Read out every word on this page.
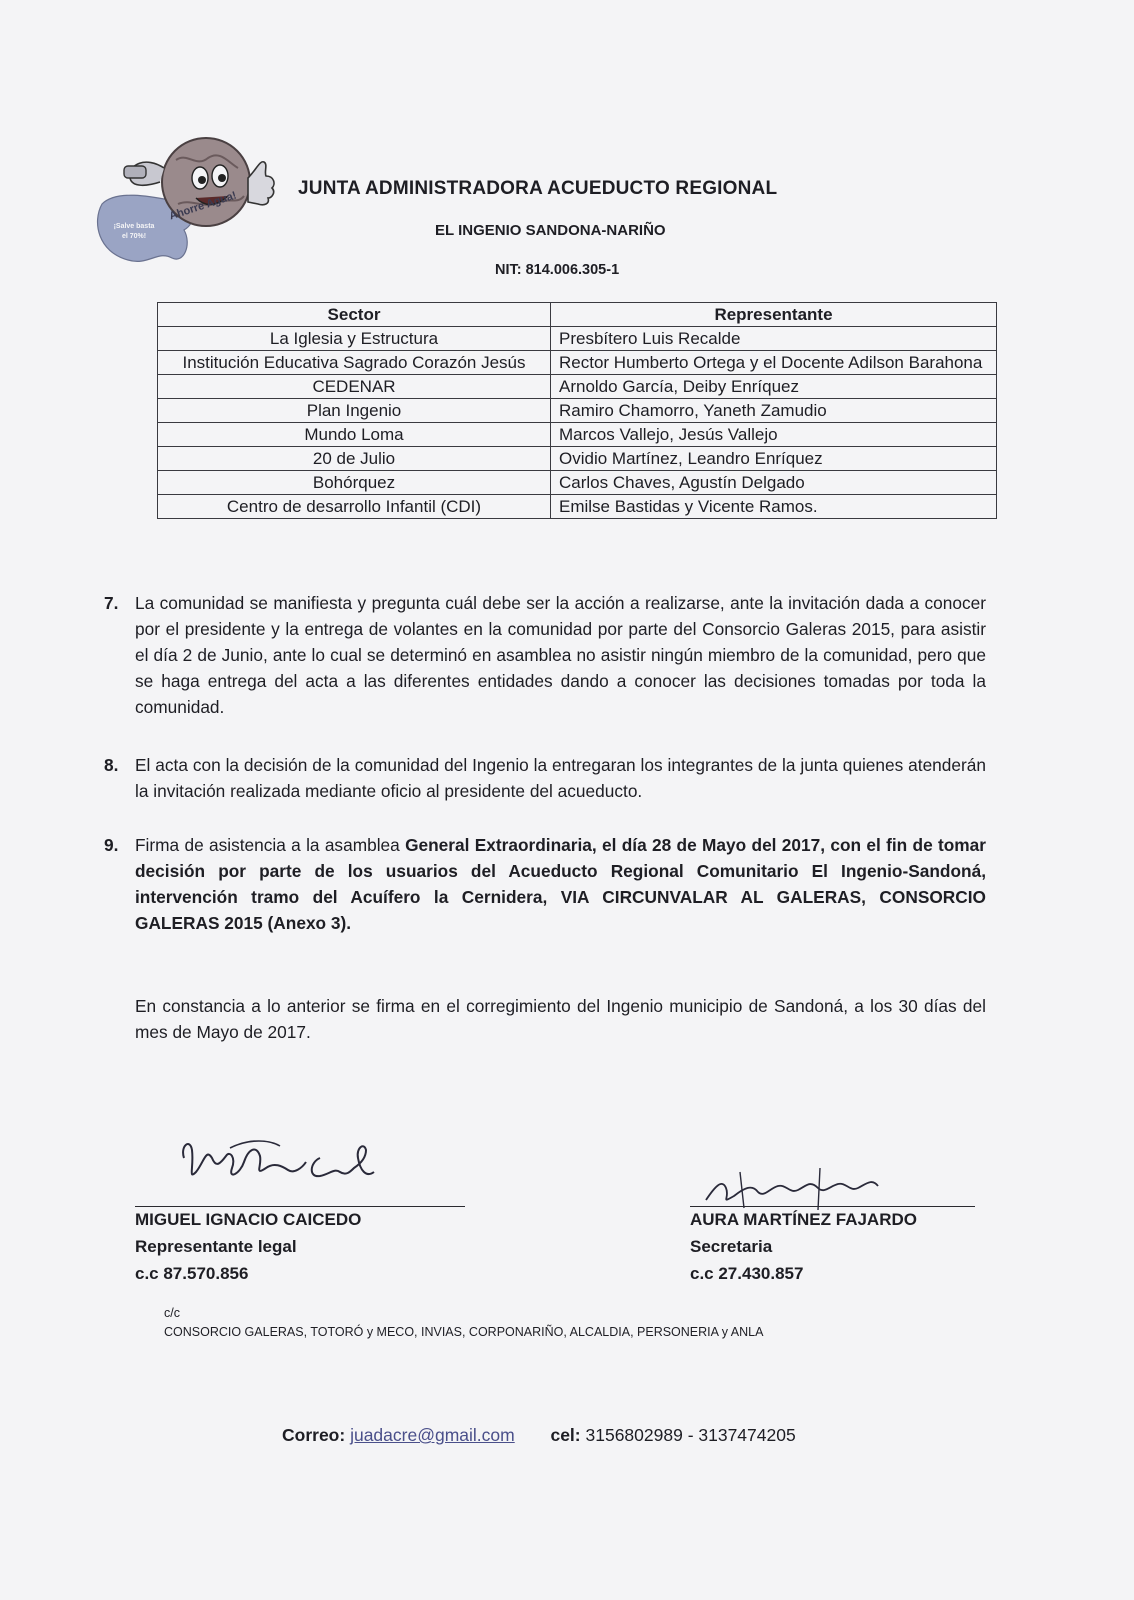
Ahorre Agua!
¡Salve basta el 70%!
JUNTA ADMINISTRADORA ACUEDUCTO REGIONAL
EL INGENIO SANDONA-NARIÑO
NIT: 814.006.305-1
Sector	Representante
La Iglesia y Estructura	Presbítero Luis Recalde
Institución Educativa Sagrado Corazón Jesús	Rector Humberto Ortega y el Docente Adilson Barahona
CEDENAR	Arnoldo García, Deiby Enríquez
Plan Ingenio	Ramiro Chamorro, Yaneth Zamudio
Mundo Loma	Marcos Vallejo, Jesús Vallejo
20 de Julio	Ovidio Martínez, Leandro Enríquez
Bohórquez	Carlos Chaves, Agustín Delgado
Centro de desarrollo Infantil (CDI)	Emilse Bastidas y Vicente Ramos.
7. La comunidad se manifiesta y pregunta cuál debe ser la acción a realizarse, ante la invitación dada a conocer por el presidente y la entrega de volantes en la comunidad por parte del Consorcio Galeras 2015, para asistir el día 2 de Junio, ante lo cual se determinó en asamblea no asistir ningún miembro de la comunidad, pero que se haga entrega del acta a las diferentes entidades dando a conocer las decisiones tomadas por toda la comunidad.
8. El acta con la decisión de la comunidad del Ingenio la entregaran los integrantes de la junta quienes atenderán la invitación realizada mediante oficio al presidente del acueducto.
9. Firma de asistencia a la asamblea General Extraordinaria, el día 28 de Mayo del 2017, con el fin de tomar decisión por parte de los usuarios del Acueducto Regional Comunitario El Ingenio-Sandoná, intervención tramo del Acuífero la Cernidera, VIA CIRCUNVALAR AL GALERAS, CONSORCIO GALERAS 2015 (Anexo 3).
En constancia a lo anterior se firma en el corregimiento del Ingenio municipio de Sandoná, a los 30 días del mes de Mayo de 2017.
MIGUEL IGNACIO CAICEDO
Representante legal
c.c 87.570.856
AURA MARTÍNEZ FAJARDO
Secretaria
c.c 27.430.857
c/c
CONSORCIO GALERAS, TOTORÓ y MECO, INVIAS, CORPONARIÑO, ALCALDIA, PERSONERIA y ANLA
Correo: juadacre@gmail.com cel: 3156802989 - 3137474205
